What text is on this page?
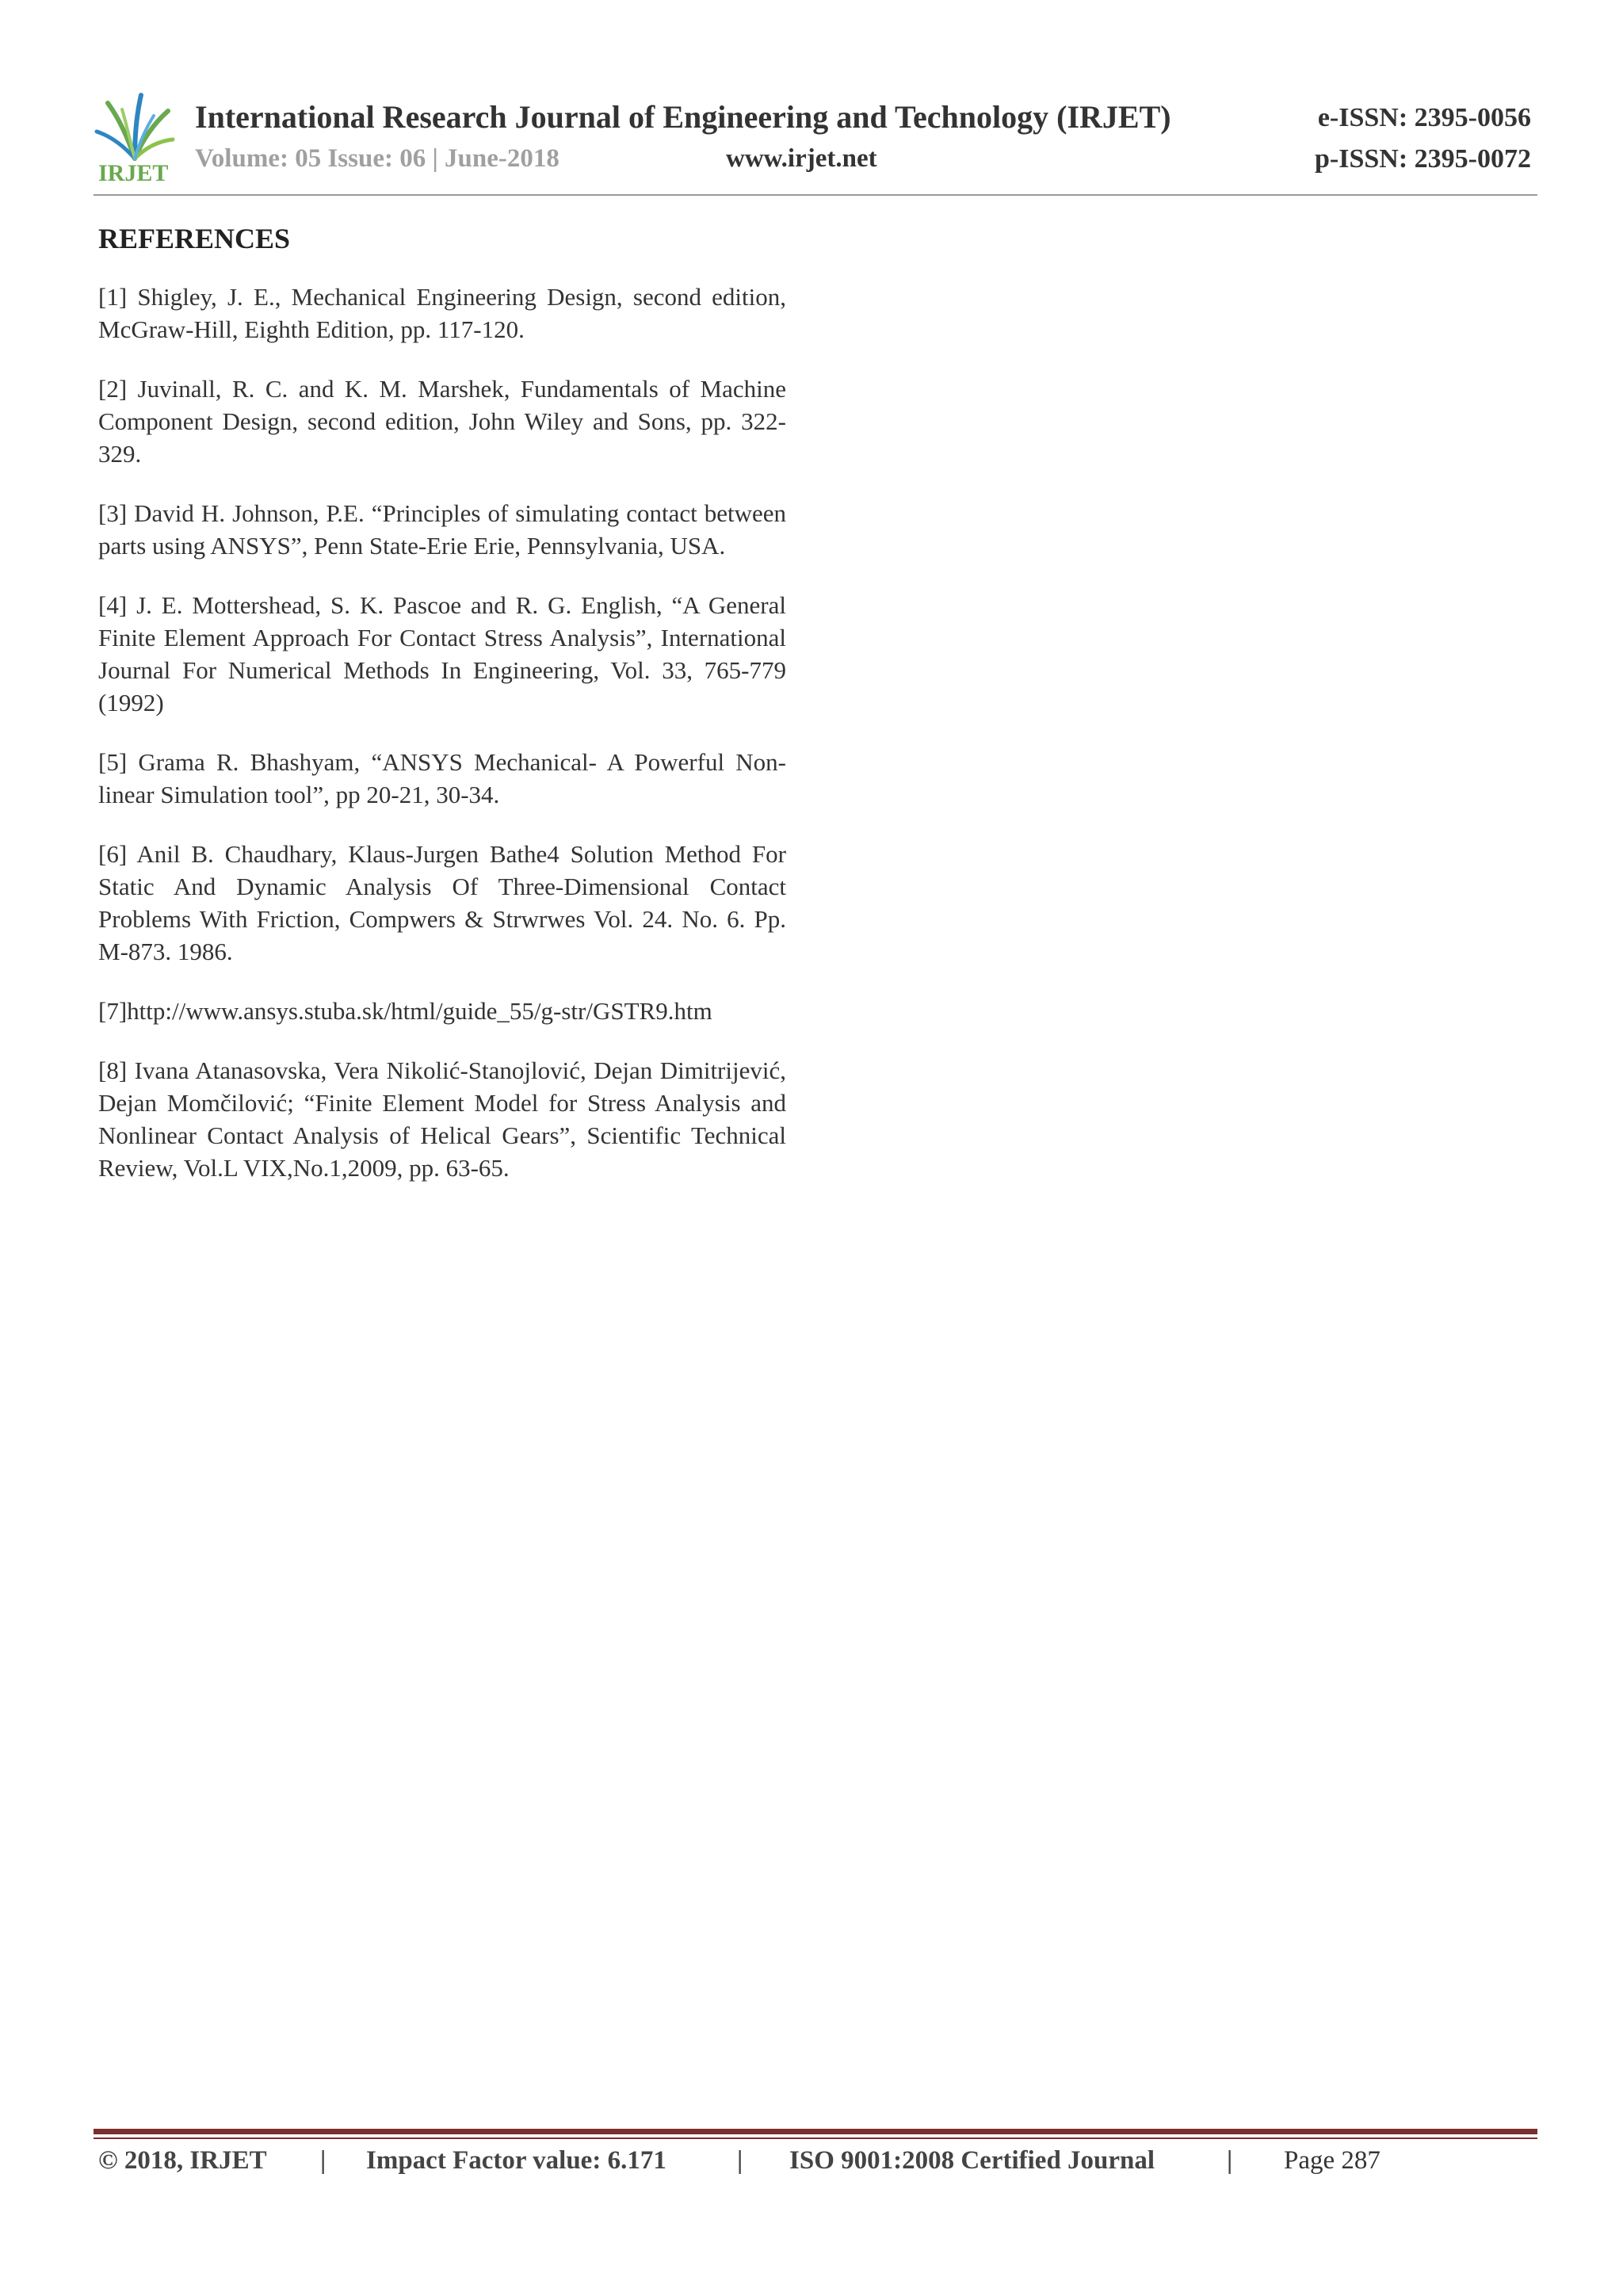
IRJET
International Research Journal of Engineering and Technology (IRJET)	e-ISSN: 2395-0056
Volume: 05 Issue: 06 | June-2018	www.irjet.net	p-ISSN: 2395-0072
REFERENCES

[1] Shigley, J. E., Mechanical Engineering Design, second edition, McGraw-Hill, Eighth Edition, pp. 117-120.

[2] Juvinall, R. C. and K. M. Marshek, Fundamentals of Machine Component Design, second edition, John Wiley and Sons, pp. 322-329.

[3] David H. Johnson, P.E. “Principles of simulating contact between parts using ANSYS”, Penn State-Erie Erie, Pennsylvania, USA.

[4] J. E. Mottershead, S. K. Pascoe and R. G. English, “A General Finite Element Approach For Contact Stress Analysis”, International Journal For Numerical Methods In Engineering, Vol. 33, 765-779 (1992)

[5] Grama R. Bhashyam, “ANSYS Mechanical- A Powerful Non-linear Simulation tool”, pp 20-21, 30-34.

[6] Anil B. Chaudhary, Klaus-Jurgen Bathe4 Solution Method For Static And Dynamic Analysis Of Three-Dimensional Contact Problems With Friction, Compwers & Strwrwes Vol. 24. No. 6. Pp. M-873. 1986.

[7]http://www.ansys.stuba.sk/html/guide_55/g-str/GSTR9.htm

[8] Ivana Atanasovska, Vera Nikolić-Stanojlović, Dejan Dimitrijević, Dejan Momčilović; “Finite Element Model for Stress Analysis and Nonlinear Contact Analysis of Helical Gears”, Scientific Technical Review, Vol.L VIX,No.1,2009, pp. 63-65.

© 2018, IRJET | Impact Factor value: 6.171	| ISO 9001:2008 Certified Journal	| Page 287
